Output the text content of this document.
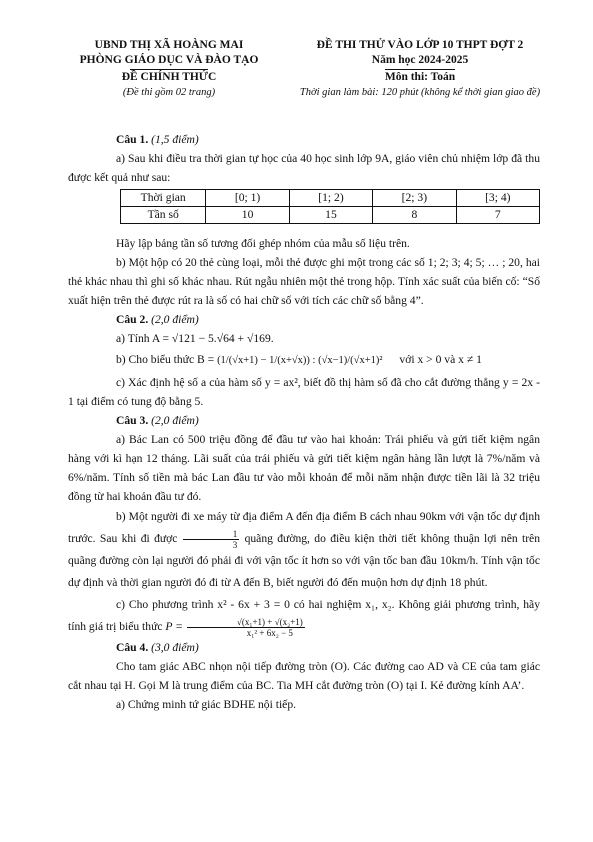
UBND THỊ XÃ HOÀNG MAI
PHÒNG GIÁO DỤC VÀ ĐÀO TẠO
ĐỀ CHÍNH THỨC
(Đề thi gồm 02 trang)
ĐỀ THI THỬ VÀO LỚP 10 THPT ĐỢT 2
Năm học 2024-2025
Môn thi: Toán
Thời gian làm bài: 120 phút (không kể thời gian giao đề)

Câu 1. (1,5 điểm)

a) Sau khi điều tra thời gian tự học của 40 học sinh lớp 9A, giáo viên chủ nhiệm lớp đã thu được kết quả như sau:

Thời gian	[0; 1)	[1; 2)	[2; 3)	[3; 4)
Tần số	10	15	8	7

Hãy lập bảng tần số tương đối ghép nhóm của mẫu số liệu trên.

b) Một hộp có 20 thẻ cùng loại, mỗi thẻ được ghi một trong các số 1; 2; 3; 4; 5; … ; 20, hai thẻ khác nhau thì ghi số khác nhau. Rút ngẫu nhiên một thẻ trong hộp. Tính xác suất của biến cố: “Số xuất hiện trên thẻ được rút ra là số có hai chữ số với tích các chữ số bằng 4”.

Câu 2. (2,0 điểm)

a) Tính A = √121 − 5.√64 + √169.

b) Cho biểu thức B = (1/(√x+1) − 1/(x+√x)) : (√x−1)/(√x+1)² với x > 0 và x ≠ 1

c) Xác định hệ số a của hàm số y = ax², biết đồ thị hàm số đã cho cắt đường thẳng y = 2x - 1 tại điểm có tung độ bằng 5.

Câu 3. (2,0 điểm)

a) Bác Lan có 500 triệu đồng để đầu tư vào hai khoản: Trái phiếu và gửi tiết kiệm ngân hàng với kì hạn 12 tháng. Lãi suất của trái phiếu và gửi tiết kiệm ngân hàng lần lượt là 7%/năm và 6%/năm. Tính số tiền mà bác Lan đầu tư vào mỗi khoản để mỗi năm nhận được tiền lãi là 32 triệu đồng từ hai khoản đầu tư đó.

b) Một người đi xe máy từ địa điểm A đến địa điểm B cách nhau 90km với vận tốc dự định trước. Sau khi đi được $\frac{1}{3}$ quãng đường, do điều kiện thời tiết không thuận lợi nên trên quãng đường còn lại người đó phải đi với vận tốc ít hơn so với vận tốc ban đầu 10km/h. Tính vận tốc dự định và thời gian người đó đi từ A đến B, biết người đó đến muộn hơn dự định 18 phút.

c) Cho phương trình x² - 6x + 3 = 0 có hai nghiệm x₁, x₂. Không giải phương trình, hãy tính giá trị biểu thức $P = \frac{\text{√(x₁+1) + √(x₂+1)}}{\text{x₁² + 6x₂ − 5}}$

Câu 4. (3,0 điểm)

Cho tam giác ABC nhọn nội tiếp đường tròn (O). Các đường cao AD và CE của tam giác cắt nhau tại H. Gọi M là trung điểm của BC. Tia MH cắt đường tròn (O) tại I. Kẻ đường kính AA’.

a) Chứng minh tứ giác BDHE nội tiếp.
